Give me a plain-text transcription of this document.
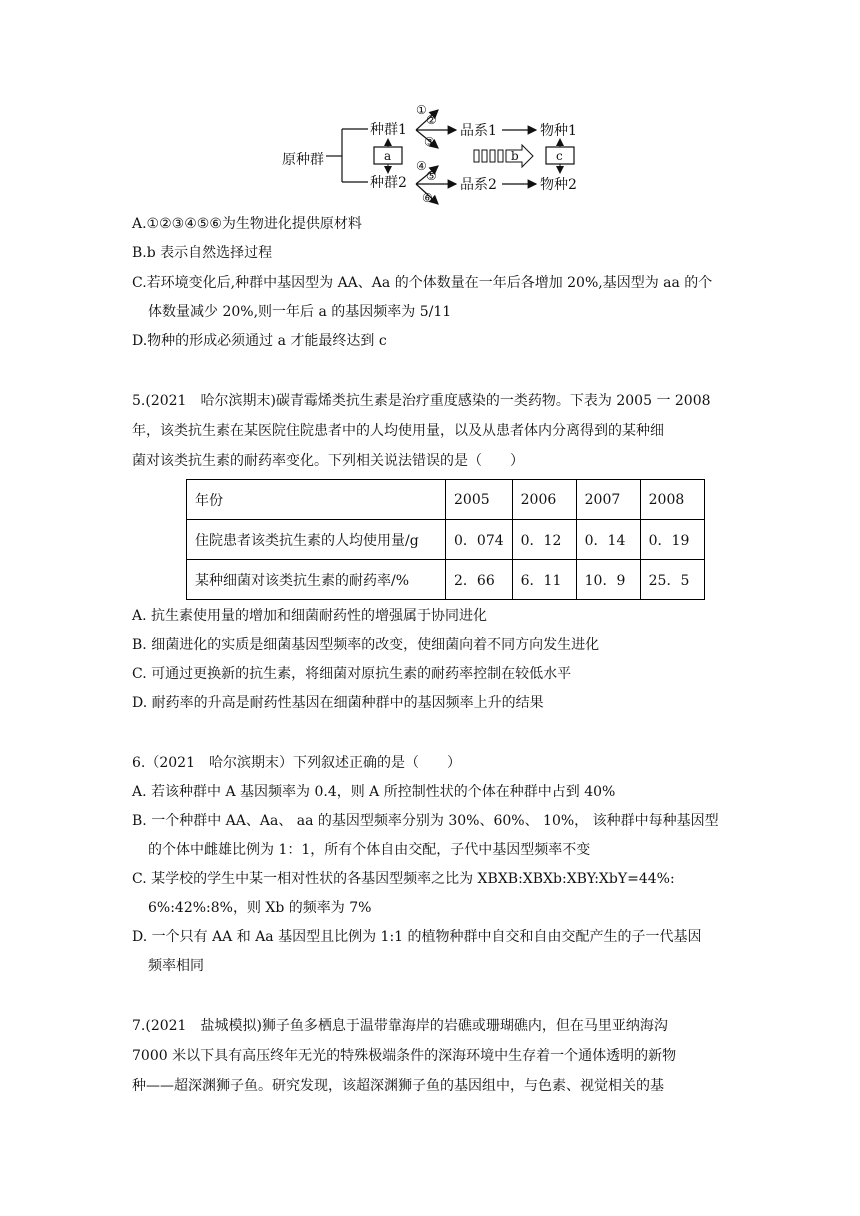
原种群
种群1
种群2
a
①
②
③
品系1	物种1
④
⑤
⑥
品系2	物种2
b	c
A.①②③④⑤⑥为生物进化提供原材料
B.b 表示自然选择过程
C.若环境变化后,种群中基因型为 AA、Aa 的个体数量在一年后各增加 20%,基因型为 aa 的个
体数量减少 20%,则一年后 a 的基因频率为 5/11
D.物种的形成必须通过 a 才能最终达到 c
5.(2021　哈尔滨期末)碳青霉烯类抗生素是治疗重度感染的一类药物。下表为 2005 一 2008
年，该类抗生素在某医院住院患者中的人均使用量，以及从患者体内分离得到的某种细
菌对该类抗生素的耐药率变化。下列相关说法错误的是（　　）
年份	2005	2006	2007	2008
住院患者该类抗生素的人均使用量/g	0．074	0．12	0．14	0．19
某种细菌对该类抗生素的耐药率/%	2．66	6．11	10．9	25．5
A. 抗生素使用量的增加和细菌耐药性的增强属于协同进化
B. 细菌进化的实质是细菌基因型频率的改变，使细菌向着不同方向发生进化
C. 可通过更换新的抗生素，将细菌对原抗生素的耐药率控制在较低水平
D. 耐药率的升高是耐药性基因在细菌种群中的基因频率上升的结果
6.（2021　哈尔滨期末）下列叙述正确的是（　　）
A. 若该种群中 A 基因频率为 0.4，则 A 所控制性状的个体在种群中占到 40%
B. 一个种群中 AA、Aa、 aa 的基因型频率分别为 30%、60%、 10%， 该种群中每种基因型
的个体中雌雄比例为 1：1，所有个体自由交配，子代中基因型频率不变
C. 某学校的学生中某一相对性状的各基因型频率之比为 XBXB:XBXb:XBY:XbY=44%:
6%:42%:8%，则 Xb 的频率为 7%
D. 一个只有 AA 和 Aa 基因型且比例为 1:1 的植物种群中自交和自由交配产生的子一代基因
频率相同
7.(2021　盐城模拟)狮子鱼多栖息于温带靠海岸的岩礁或珊瑚礁内，但在马里亚纳海沟
7000 米以下具有高压终年无光的特殊极端条件的深海环境中生存着一个通体透明的新物
种——超深渊狮子鱼。研究发现，该超深渊狮子鱼的基因组中，与色素、视觉相关的基
